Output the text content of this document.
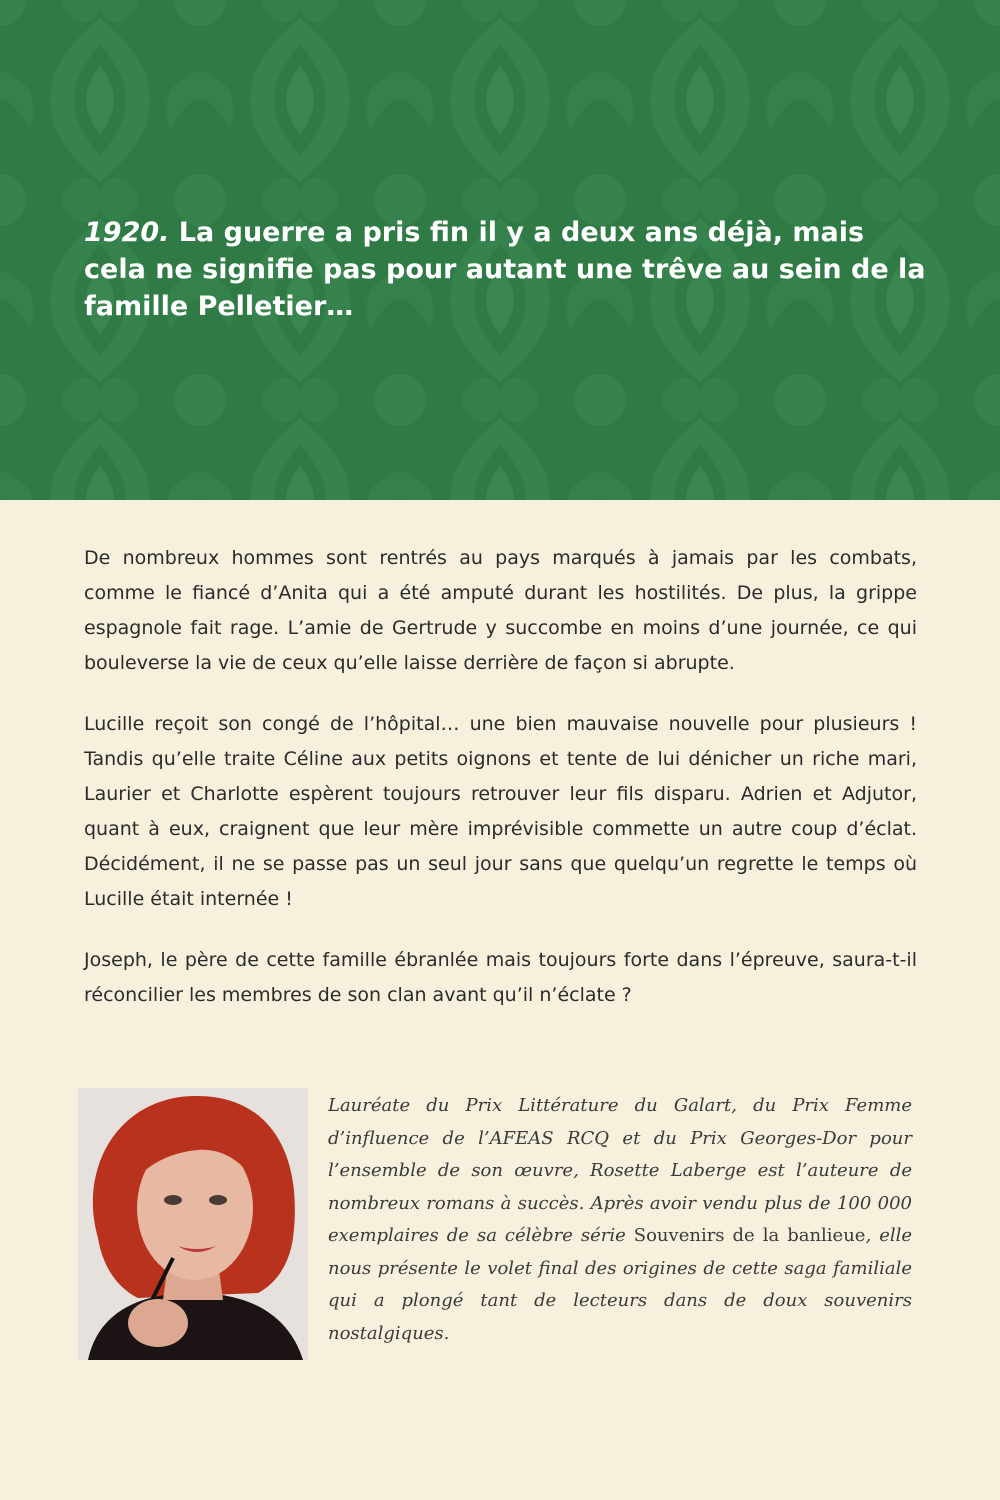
1920. La guerre a pris fin il y a deux ans déjà, mais cela ne signifie pas pour autant une trêve au sein de la famille Pelletier…

De nombreux hommes sont rentrés au pays marqués à jamais par les combats, comme le fiancé d’Anita qui a été amputé durant les hostilités. De plus, la grippe espagnole fait rage. L’amie de Gertrude y succombe en moins d’une journée, ce qui bouleverse la vie de ceux qu’elle laisse derrière de façon si abrupte.

Lucille reçoit son congé de l’hôpital… une bien mauvaise nouvelle pour plusieurs ! Tandis qu’elle traite Céline aux petits oignons et tente de lui dénicher un riche mari, Laurier et Charlotte espèrent toujours retrouver leur fils disparu. Adrien et Adjutor, quant à eux, craignent que leur mère imprévisible commette un autre coup d’éclat. Décidément, il ne se passe pas un seul jour sans que quelqu’un regrette le temps où Lucille était internée !

Joseph, le père de cette famille ébranlée mais toujours forte dans l’épreuve, saura-t-il réconcilier les membres de son clan avant qu’il n’éclate ?

Lauréate du Prix Littérature du Galart, du Prix Femme d’influence de l’AFEAS RCQ et du Prix Georges-Dor pour l’ensemble de son œuvre, Rosette Laberge est l’auteure de nombreux romans à succès. Après avoir vendu plus de 100 000 exemplaires de sa célèbre série Souvenirs de la banlieue, elle nous présente le volet final des origines de cette saga familiale qui a plongé tant de lecteurs dans de doux souvenirs nostalgiques.
